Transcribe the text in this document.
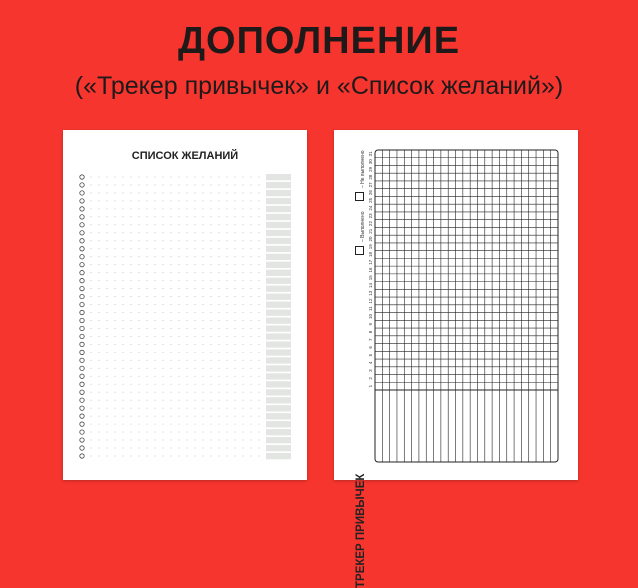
ДОПОЛНЕНИЕ
(«Трекер привычек» и «Список желаний»)
СПИСОК ЖЕЛАНИЙ	31
30
29
28
27
26
25
24
23
22
21
20
19
18
17
16
15
14
13
12
11
10
9
8
7
6
5
4
3
2
1
ТРЕКЕР ПРИВЫЧЕК
– Выполнено
– Не выполнено
